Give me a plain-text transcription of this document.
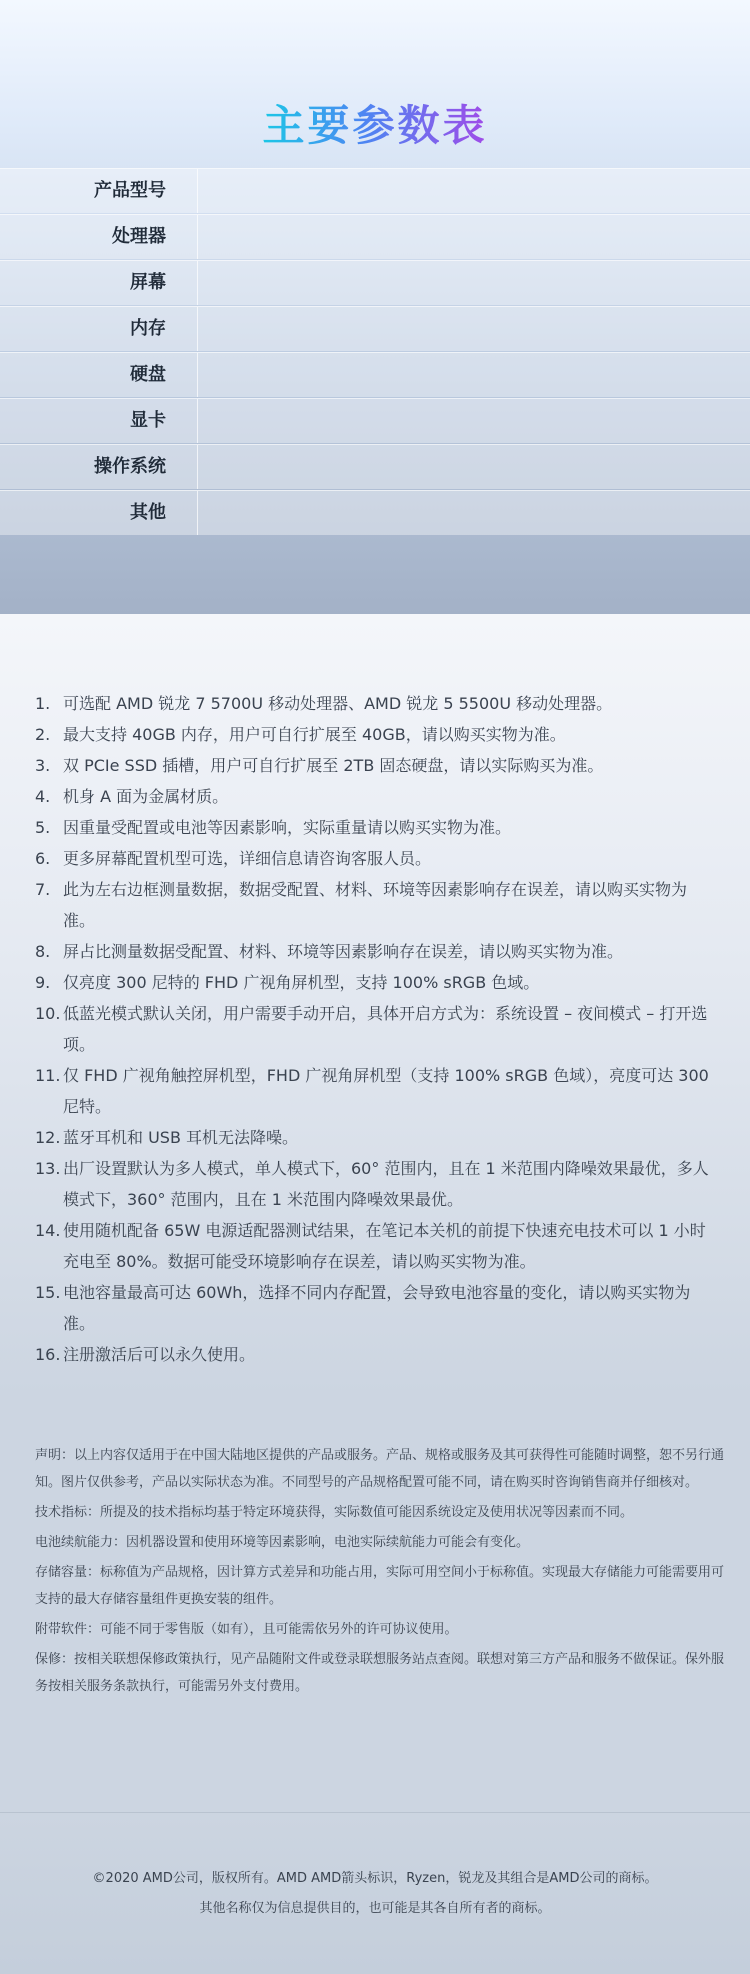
主要参数表
产品型号
处理器
屏幕
内存
硬盘
显卡
操作系统
其他
1. 可选配 AMD 锐龙 7 5700U 移动处理器、AMD 锐龙 5 5500U 移动处理器。
2. 最大支持 40GB 内存，用户可自行扩展至 40GB，请以购买实物为准。
3. 双 PCIe SSD 插槽，用户可自行扩展至 2TB 固态硬盘，请以实际购买为准。
4. 机身 A 面为金属材质。
5. 因重量受配置或电池等因素影响，实际重量请以购买实物为准。
6. 更多屏幕配置机型可选，详细信息请咨询客服人员。
7. 此为左右边框测量数据，数据受配置、材料、环境等因素影响存在误差，请以购买实物为准。
8. 屏占比测量数据受配置、材料、环境等因素影响存在误差，请以购买实物为准。
9. 仅亮度 300 尼特的 FHD 广视角屏机型，支持 100% sRGB 色域。
10. 低蓝光模式默认关闭，用户需要手动开启，具体开启方式为：系统设置 – 夜间模式 – 打开选项。
11. 仅 FHD 广视角触控屏机型，FHD 广视角屏机型（支持 100% sRGB 色域），亮度可达 300 尼特。
12. 蓝牙耳机和 USB 耳机无法降噪。
13. 出厂设置默认为多人模式，单人模式下，60° 范围内，且在 1 米范围内降噪效果最优，多人模式下，360° 范围内，且在 1 米范围内降噪效果最优。
14. 使用随机配备 65W 电源适配器测试结果，在笔记本关机的前提下快速充电技术可以 1 小时充电至 80%。数据可能受环境影响存在误差，请以购买实物为准。
15. 电池容量最高可达 60Wh，选择不同内存配置，会导致电池容量的变化，请以购买实物为准。
16. 注册激活后可以永久使用。

声明：以上内容仅适用于在中国大陆地区提供的产品或服务。产品、规格或服务及其可获得性可能随时调整，恕不另行通知。图片仅供参考，产品以实际状态为准。不同型号的产品规格配置可能不同，请在购买时咨询销售商并仔细核对。

技术指标：所提及的技术指标均基于特定环境获得，实际数值可能因系统设定及使用状况等因素而不同。

电池续航能力：因机器设置和使用环境等因素影响，电池实际续航能力可能会有变化。

存储容量：标称值为产品规格，因计算方式差异和功能占用，实际可用空间小于标称值。实现最大存储能力可能需要用可支持的最大存储容量组件更换安装的组件。

附带软件：可能不同于零售版（如有），且可能需依另外的许可协议使用。

保修：按相关联想保修政策执行，见产品随附文件或登录联想服务站点查阅。联想对第三方产品和服务不做保证。保外服务按相关服务条款执行，可能需另外支付费用。

©2020 AMD公司，版权所有。AMD AMD箭头标识，Ryzen，锐龙及其组合是AMD公司的商标。
其他名称仅为信息提供目的，也可能是其各自所有者的商标。
